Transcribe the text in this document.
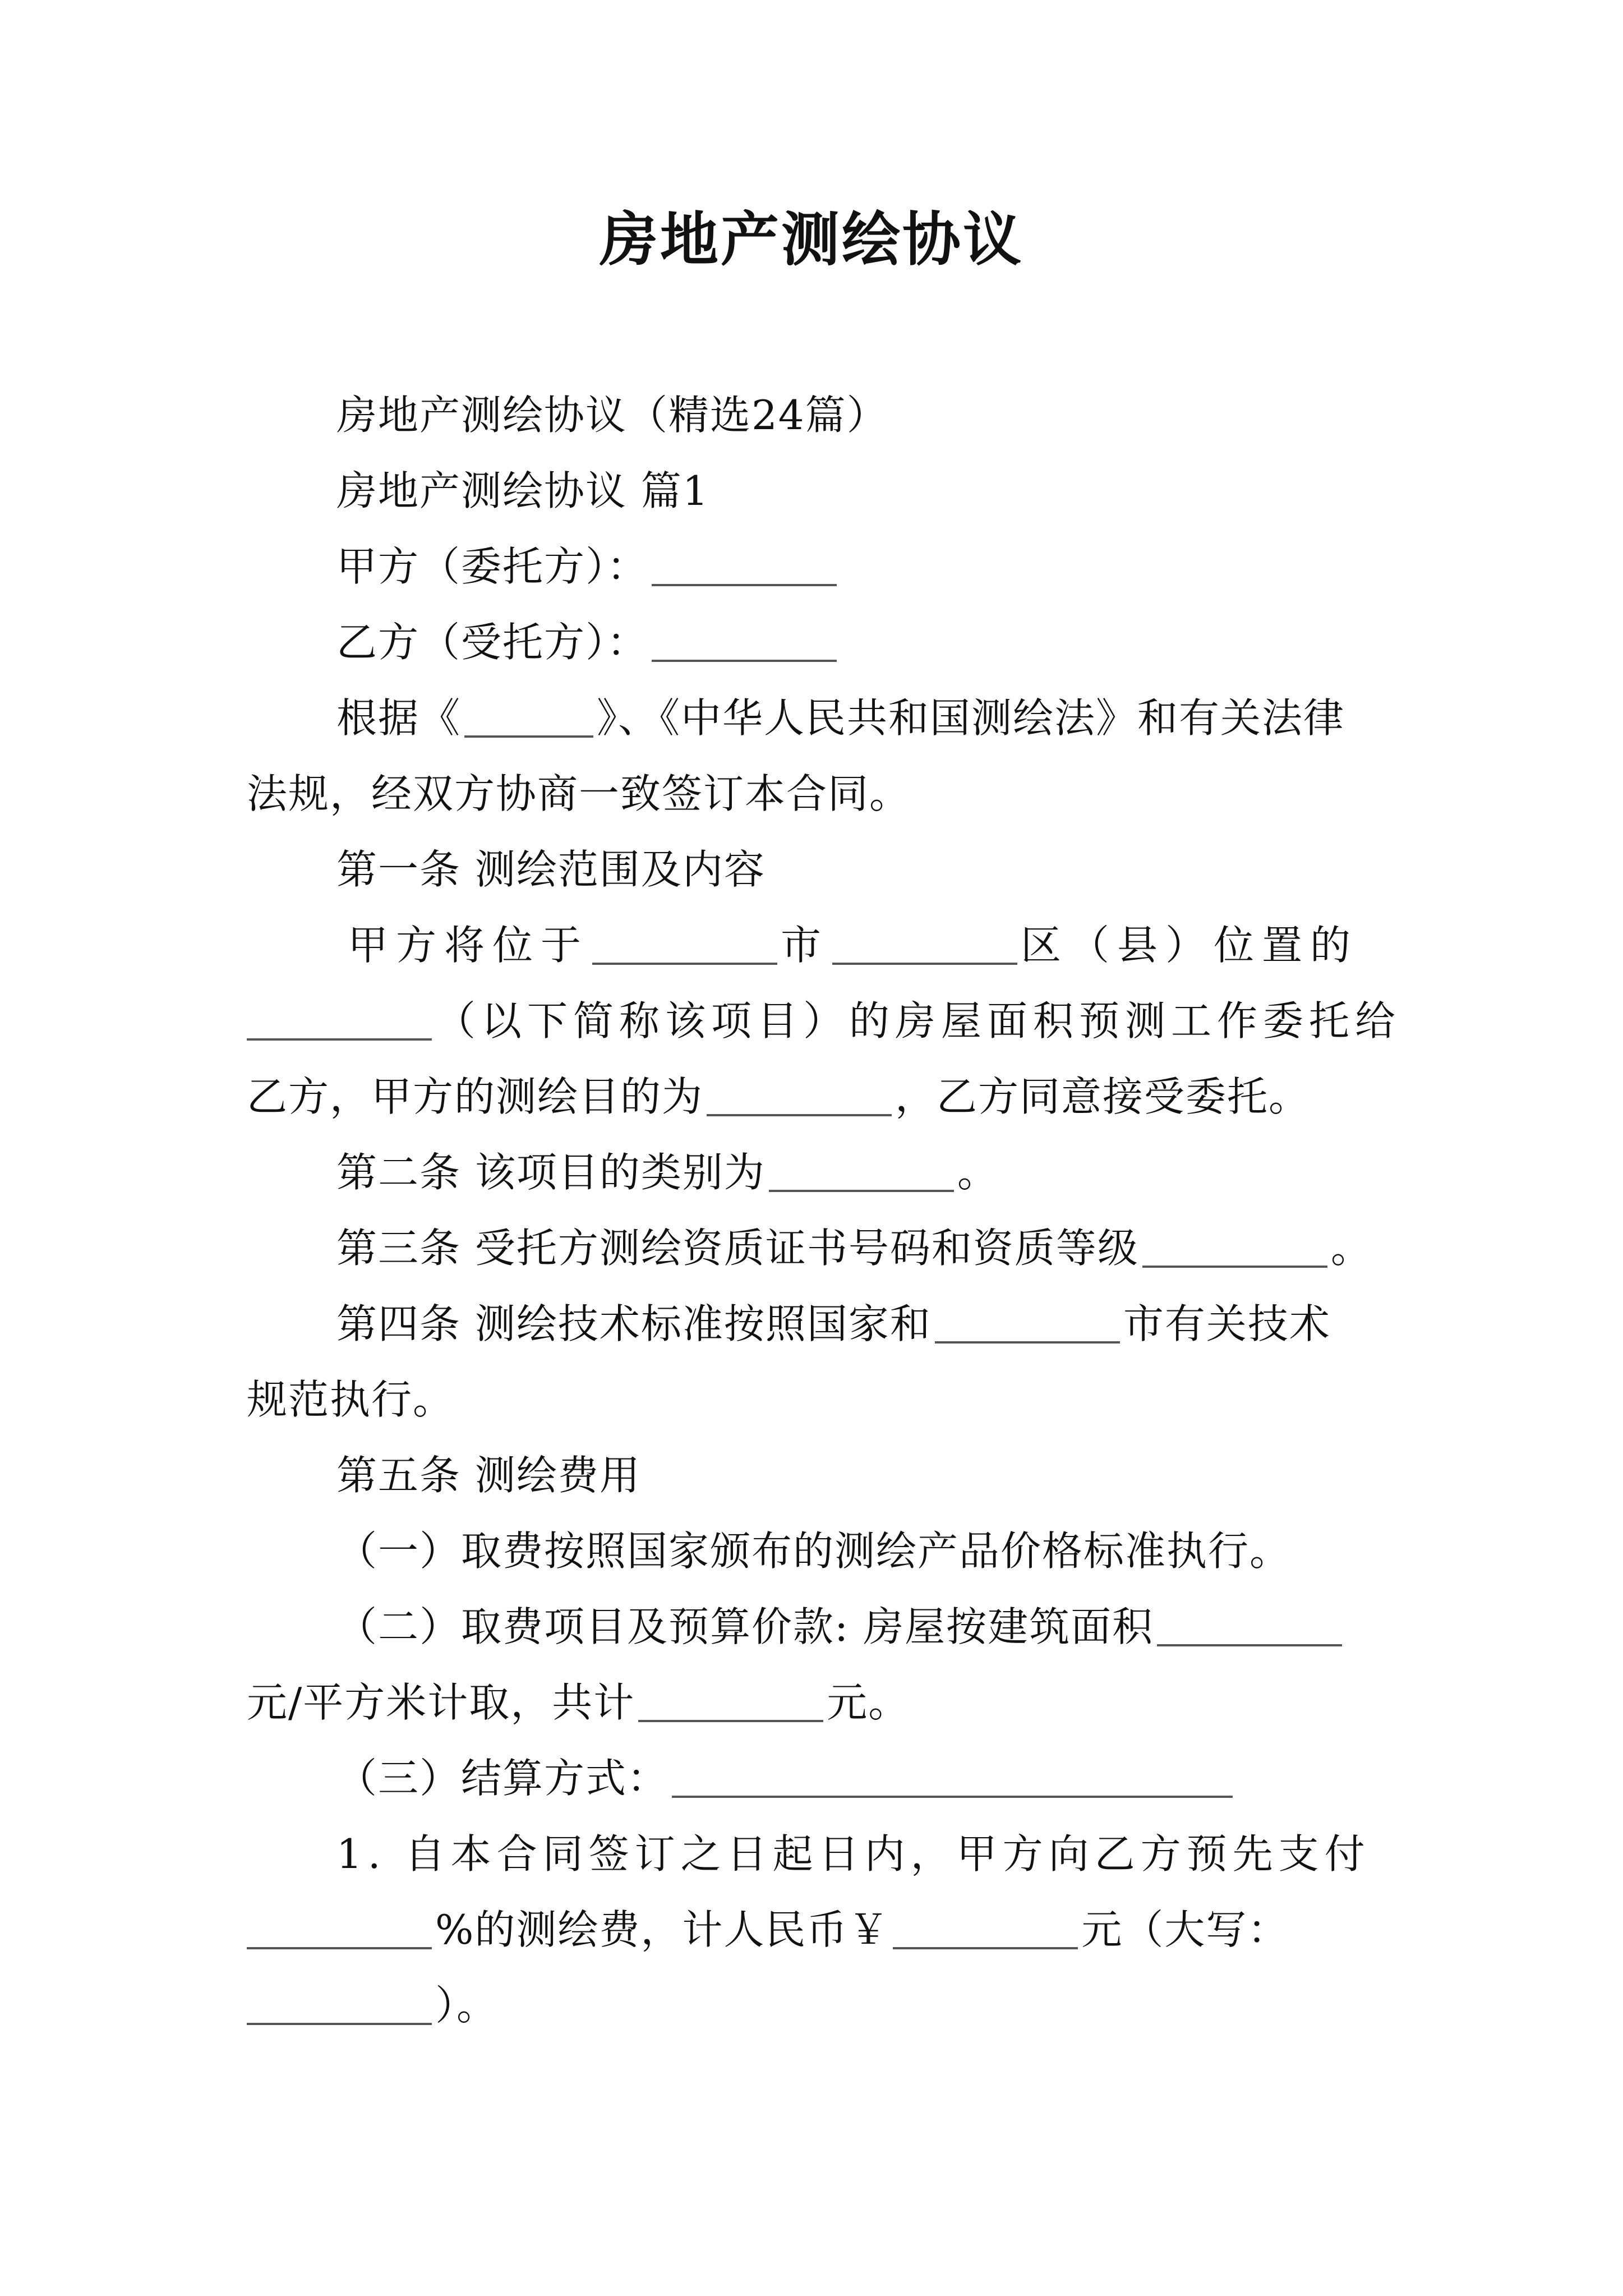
房地产测绘协议
房地产测绘协议（精选24篇）
房地产测绘协议 篇1
甲方（委托方）：
乙方（受托方）：
根据《	》、《中华人民共和国测绘法》和有关法律
法规，经双方协商一致签订本合同。
第一条 测绘范围及内容
甲方将位于	市	区（县）位置的
（以下简称该项目）的房屋面积预测工作委托给
乙方，甲方的测绘目的为	，乙方同意接受委托。
第二条 该项目的类别为	。
第三条 受托方测绘资质证书号码和资质等级	。
第四条 测绘技术标准按照国家和	市有关技术
规范执行。
第五条 测绘费用
（一）取费按照国家颁布的测绘产品价格标准执行。
（二）取费项目及预算价款: 房屋按建筑面积
元/平方米计取，共计	元。
（三）结算方式：
1. 自本合同签订之日起日内，甲方向乙方预先支付
%的测绘费，计人民币￥	元（大写：
）。
